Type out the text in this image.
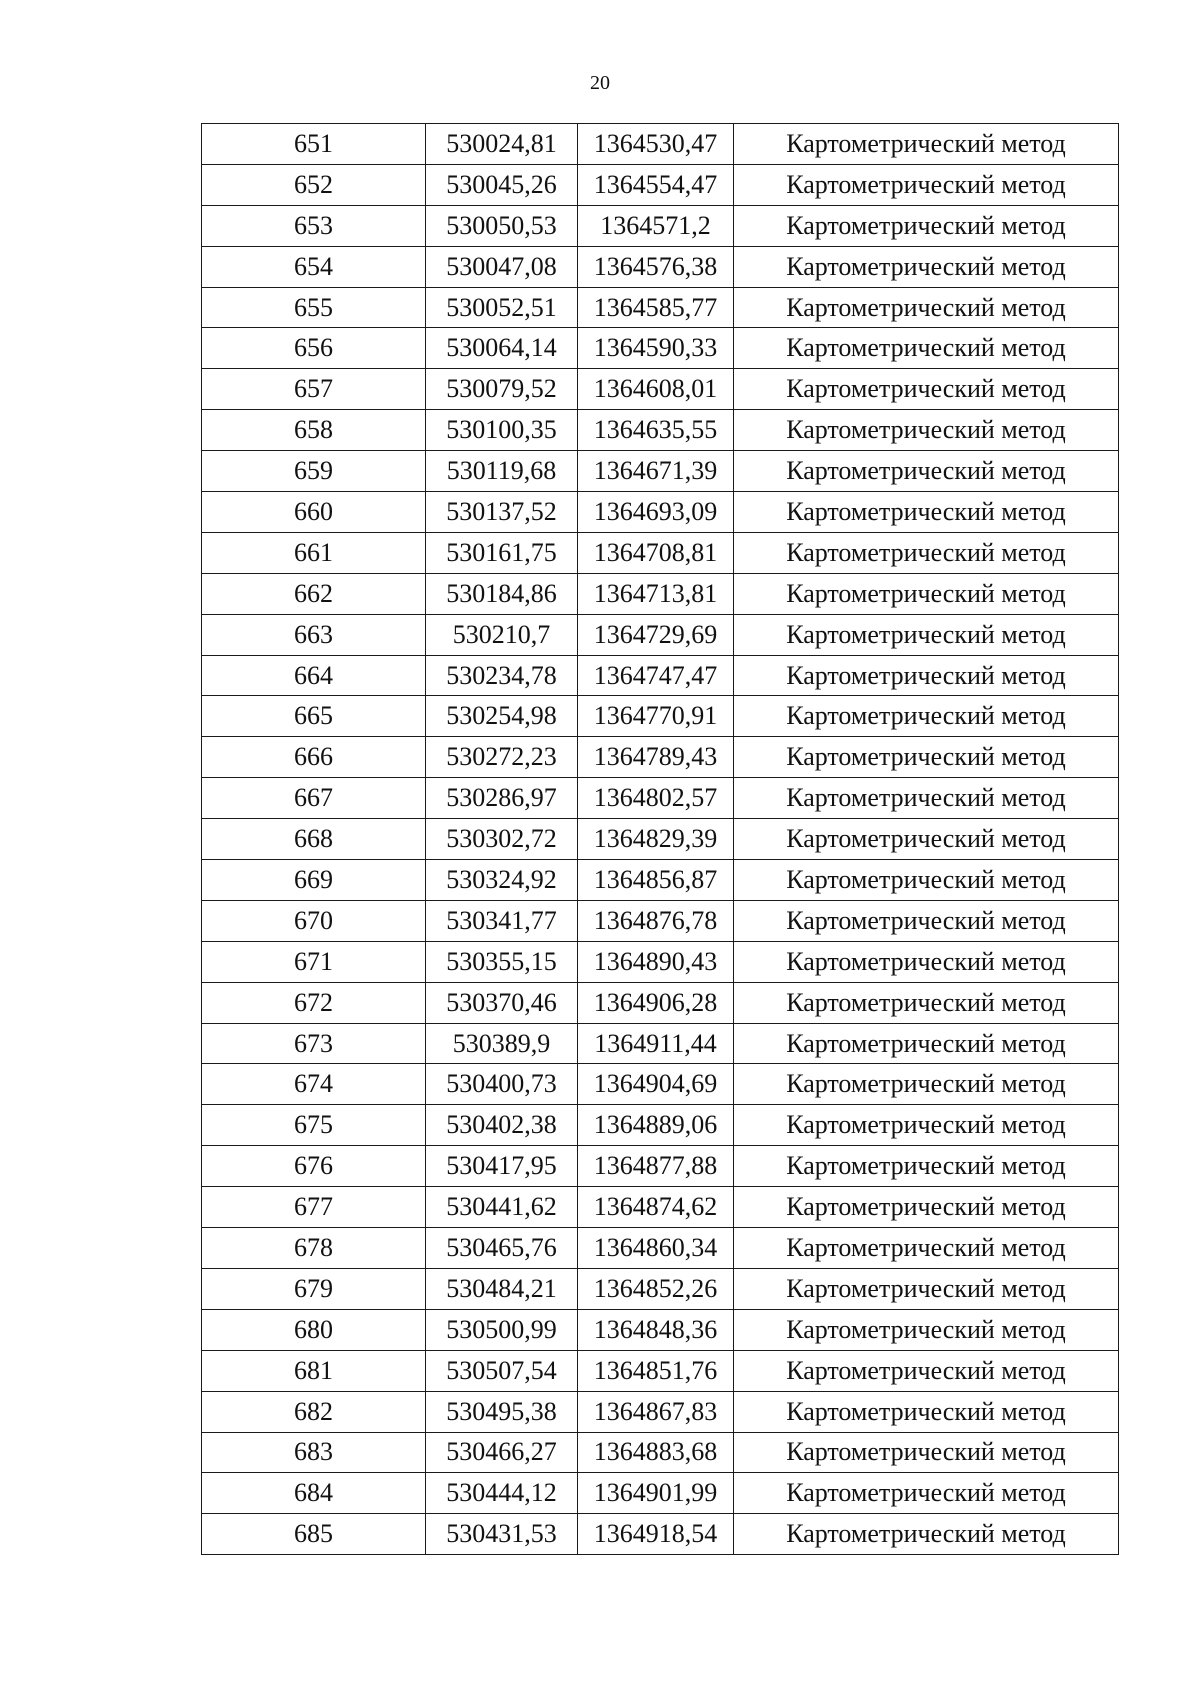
20
651	530024,81	1364530,47	Картометрический метод
652	530045,26	1364554,47	Картометрический метод
653	530050,53	1364571,2	Картометрический метод
654	530047,08	1364576,38	Картометрический метод
655	530052,51	1364585,77	Картометрический метод
656	530064,14	1364590,33	Картометрический метод
657	530079,52	1364608,01	Картометрический метод
658	530100,35	1364635,55	Картометрический метод
659	530119,68	1364671,39	Картометрический метод
660	530137,52	1364693,09	Картометрический метод
661	530161,75	1364708,81	Картометрический метод
662	530184,86	1364713,81	Картометрический метод
663	530210,7	1364729,69	Картометрический метод
664	530234,78	1364747,47	Картометрический метод
665	530254,98	1364770,91	Картометрический метод
666	530272,23	1364789,43	Картометрический метод
667	530286,97	1364802,57	Картометрический метод
668	530302,72	1364829,39	Картометрический метод
669	530324,92	1364856,87	Картометрический метод
670	530341,77	1364876,78	Картометрический метод
671	530355,15	1364890,43	Картометрический метод
672	530370,46	1364906,28	Картометрический метод
673	530389,9	1364911,44	Картометрический метод
674	530400,73	1364904,69	Картометрический метод
675	530402,38	1364889,06	Картометрический метод
676	530417,95	1364877,88	Картометрический метод
677	530441,62	1364874,62	Картометрический метод
678	530465,76	1364860,34	Картометрический метод
679	530484,21	1364852,26	Картометрический метод
680	530500,99	1364848,36	Картометрический метод
681	530507,54	1364851,76	Картометрический метод
682	530495,38	1364867,83	Картометрический метод
683	530466,27	1364883,68	Картометрический метод
684	530444,12	1364901,99	Картометрический метод
685	530431,53	1364918,54	Картометрический метод
